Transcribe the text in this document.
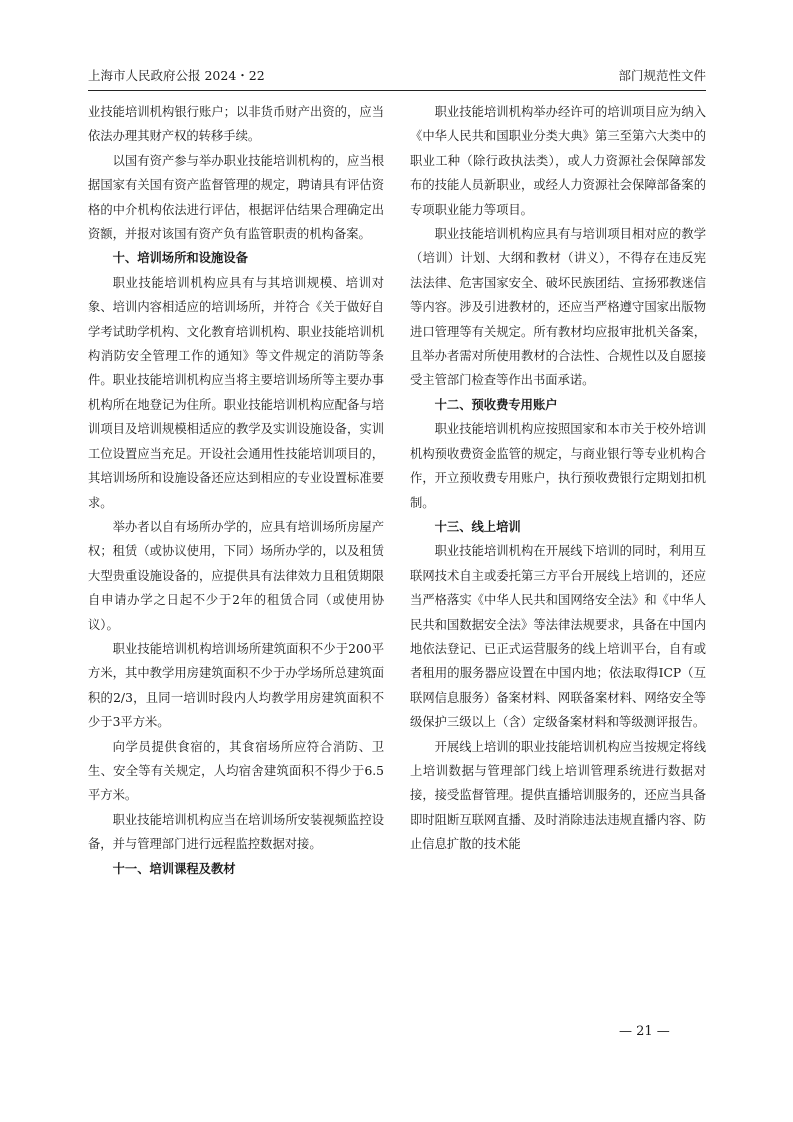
上海市人民政府公报 2024・22	部门规范性文件

业技能培训机构银行账户；以非货币财产出资的，应当依法办理其财产权的转移手续。

以国有资产参与举办职业技能培训机构的，应当根据国家有关国有资产监督管理的规定，聘请具有评估资格的中介机构依法进行评估，根据评估结果合理确定出资额，并报对该国有资产负有监管职责的机构备案。

十、培训场所和设施设备

职业技能培训机构应具有与其培训规模、培训对象、培训内容相适应的培训场所，并符合《关于做好自学考试助学机构、文化教育培训机构、职业技能培训机构消防安全管理工作的通知》等文件规定的消防等条件。职业技能培训机构应当将主要培训场所等主要办事机构所在地登记为住所。职业技能培训机构应配备与培训项目及培训规模相适应的教学及实训设施设备，实训工位设置应当充足。开设社会通用性技能培训项目的，其培训场所和设施设备还应达到相应的专业设置标准要求。

举办者以自有场所办学的，应具有培训场所房屋产权；租赁（或协议使用，下同）场所办学的，以及租赁大型贵重设施设备的，应提供具有法律效力且租赁期限自申请办学之日起不少于2年的租赁合同（或使用协议）。

职业技能培训机构培训场所建筑面积不少于200平方米，其中教学用房建筑面积不少于办学场所总建筑面积的2/3，且同一培训时段内人均教学用房建筑面积不少于3平方米。

向学员提供食宿的，其食宿场所应符合消防、卫生、安全等有关规定，人均宿舍建筑面积不得少于6.5平方米。

职业技能培训机构应当在培训场所安装视频监控设备，并与管理部门进行远程监控数据对接。

十一、培训课程及教材

职业技能培训机构举办经许可的培训项目应为纳入《中华人民共和国职业分类大典》第三至第六大类中的职业工种（除行政执法类），或人力资源社会保障部发布的技能人员新职业，或经人力资源社会保障部备案的专项职业能力等项目。

职业技能培训机构应具有与培训项目相对应的教学（培训）计划、大纲和教材（讲义），不得存在违反宪法法律、危害国家安全、破坏民族团结、宣扬邪教迷信等内容。涉及引进教材的，还应当严格遵守国家出版物进口管理等有关规定。所有教材均应报审批机关备案，且举办者需对所使用教材的合法性、合规性以及自愿接受主管部门检查等作出书面承诺。

十二、预收费专用账户

职业技能培训机构应按照国家和本市关于校外培训机构预收费资金监管的规定，与商业银行等专业机构合作，开立预收费专用账户，执行预收费银行定期划扣机制。

十三、线上培训

职业技能培训机构在开展线下培训的同时，利用互联网技术自主或委托第三方平台开展线上培训的，还应当严格落实《中华人民共和国网络安全法》和《中华人民共和国数据安全法》等法律法规要求，具备在中国内地依法登记、已正式运营服务的线上培训平台，自有或者租用的服务器应设置在中国内地；依法取得ICP（互联网信息服务）备案材料、网联备案材料、网络安全等级保护三级以上（含）定级备案材料和等级测评报告。

开展线上培训的职业技能培训机构应当按规定将线上培训数据与管理部门线上培训管理系统进行数据对接，接受监督管理。提供直播培训服务的，还应当具备即时阻断互联网直播、及时消除违法违规直播内容、防止信息扩散的技术能

— 21 —
